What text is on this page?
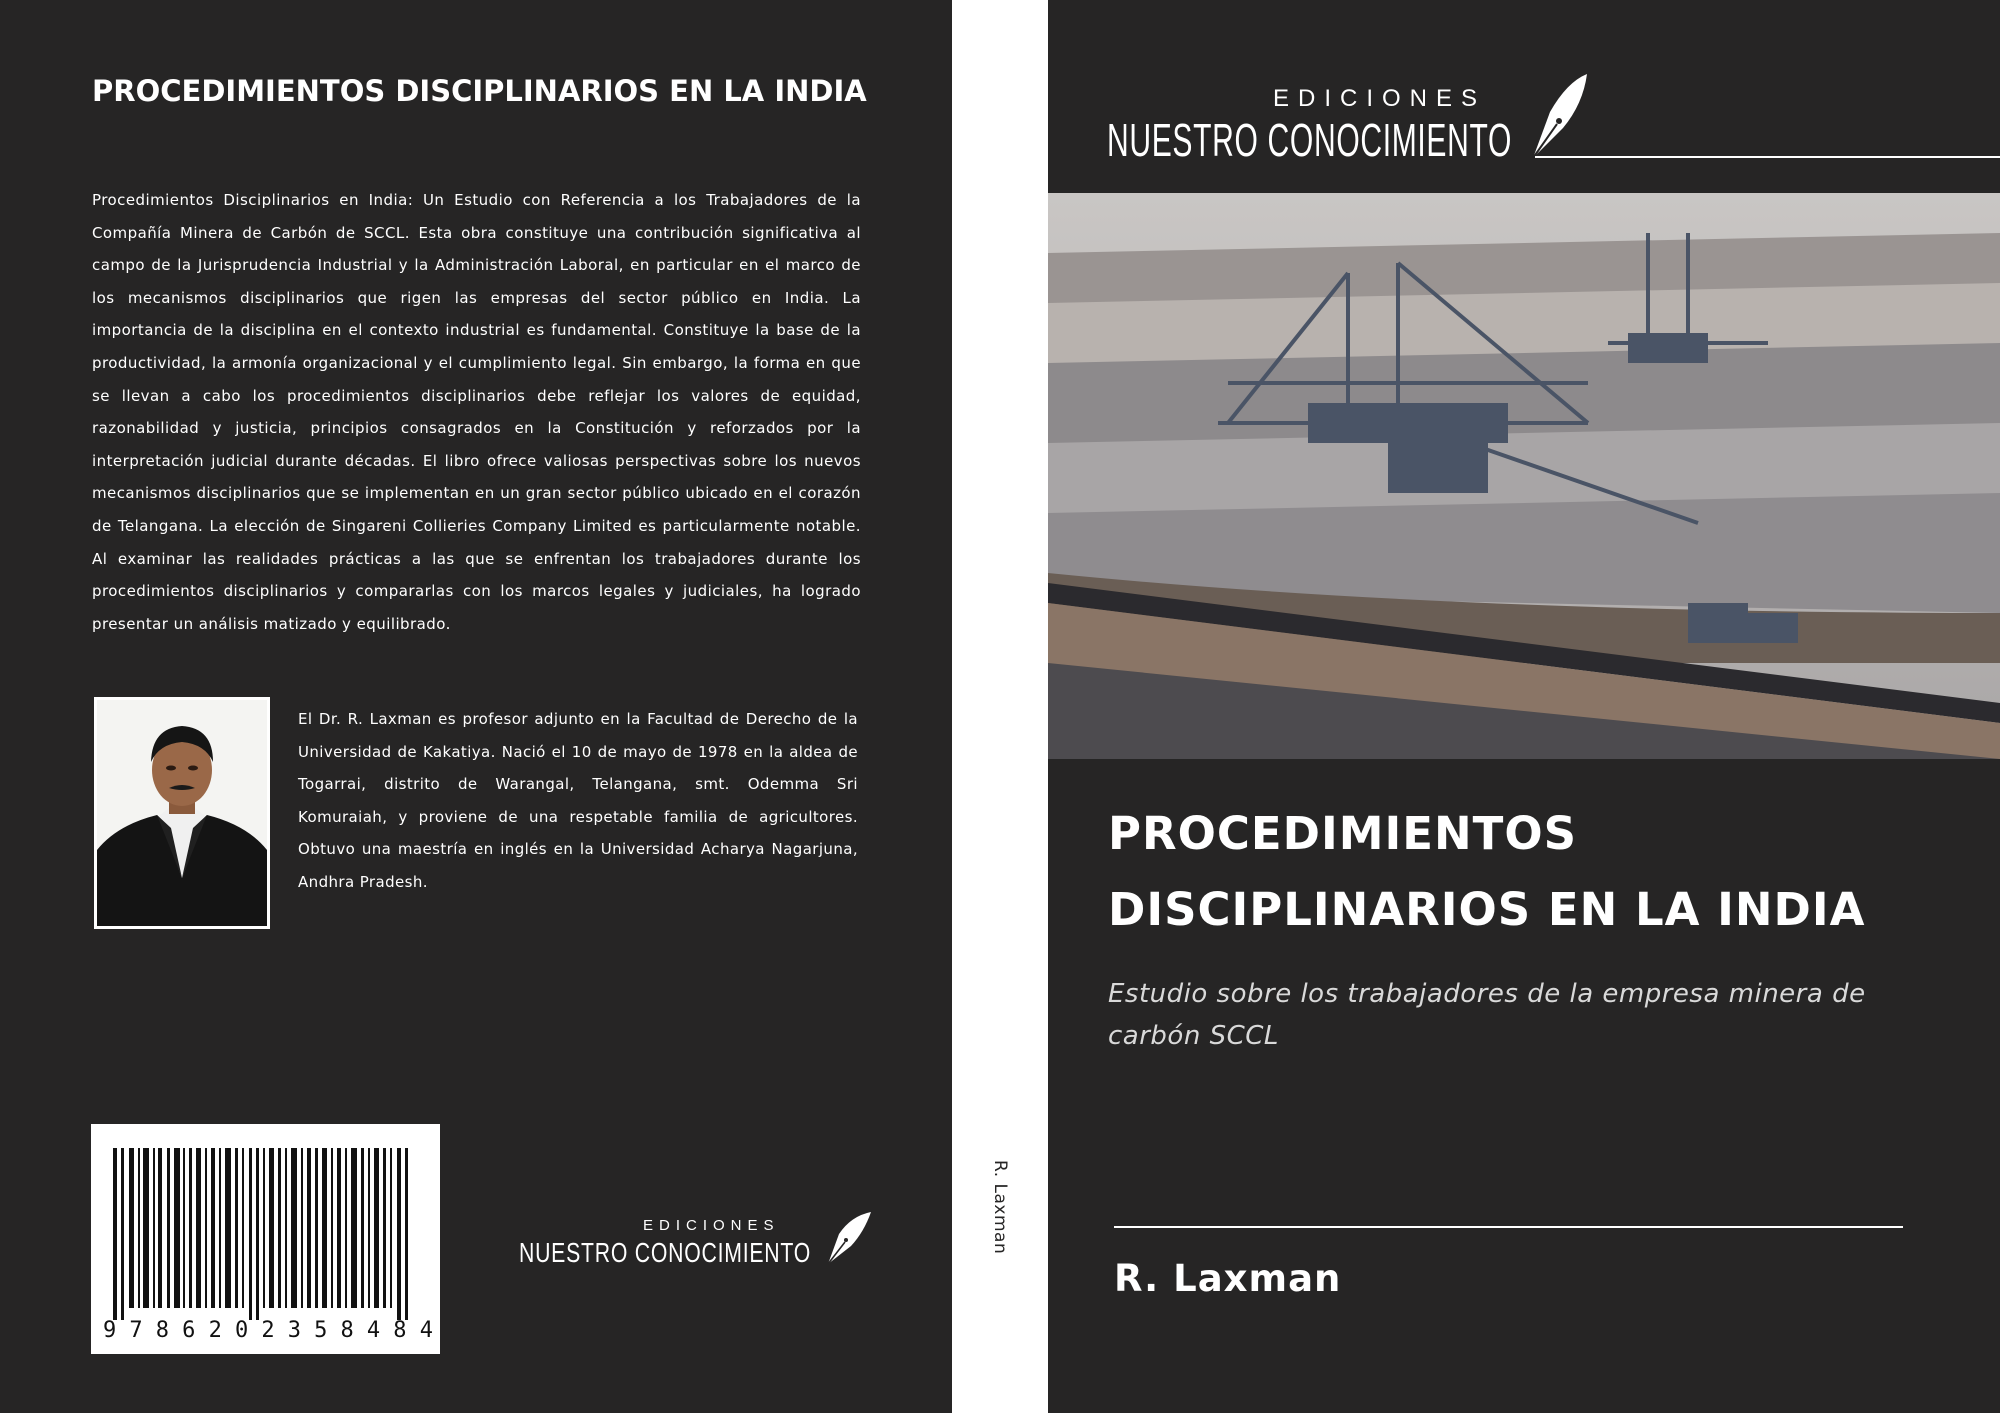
PROCEDIMIENTOS DISCIPLINARIOS EN LA INDIA
Procedimientos Disciplinarios en India: Un Estudio con Referencia a los Trabajadores de la Compañía Minera de Carbón de SCCL. Esta obra constituye una contribución significativa al campo de la Jurisprudencia Industrial y la Administración Laboral, en particular en el marco de los mecanismos disciplinarios que rigen las empresas del sector público en India. La importancia de la disciplina en el contexto industrial es fundamental. Constituye la base de la productividad, la armonía organizacional y el cumplimiento legal. Sin embargo, la forma en que se llevan a cabo los procedimientos disciplinarios debe reflejar los valores de equidad, razonabilidad y justicia, principios consagrados en la Constitución y reforzados por la interpretación judicial durante décadas. El libro ofrece valiosas perspectivas sobre los nuevos mecanismos disciplinarios que se implementan en un gran sector público ubicado en el corazón de Telangana. La elección de Singareni Collieries Company Limited es particularmente notable. Al examinar las realidades prácticas a las que se enfrentan los trabajadores durante los procedimientos disciplinarios y compararlas con los marcos legales y judiciales, ha logrado presentar un análisis matizado y equilibrado.
El Dr. R. Laxman es profesor adjunto en la Facultad de Derecho de la Universidad de Kakatiya. Nació el 10 de mayo de 1978 en la aldea de Togarrai, distrito de Warangal, Telangana, smt. Odemma Sri Komuraiah, y proviene de una respetable familia de agricultores. Obtuvo una maestría en inglés en la Universidad Acharya Nagarjuna, Andhra Pradesh.
9 7 8 6 2 0 2 3 5 8 4 8 4
EDICIONES
NUESTRO CONOCIMIENTO	R. Laxman
EDICIONES
NUESTRO CONOCIMIENTO
PROCEDIMIENTOS DISCIPLINARIOS EN LA INDIA
Estudio sobre los trabajadores de la empresa minera de carbón SCCL
R. Laxman
